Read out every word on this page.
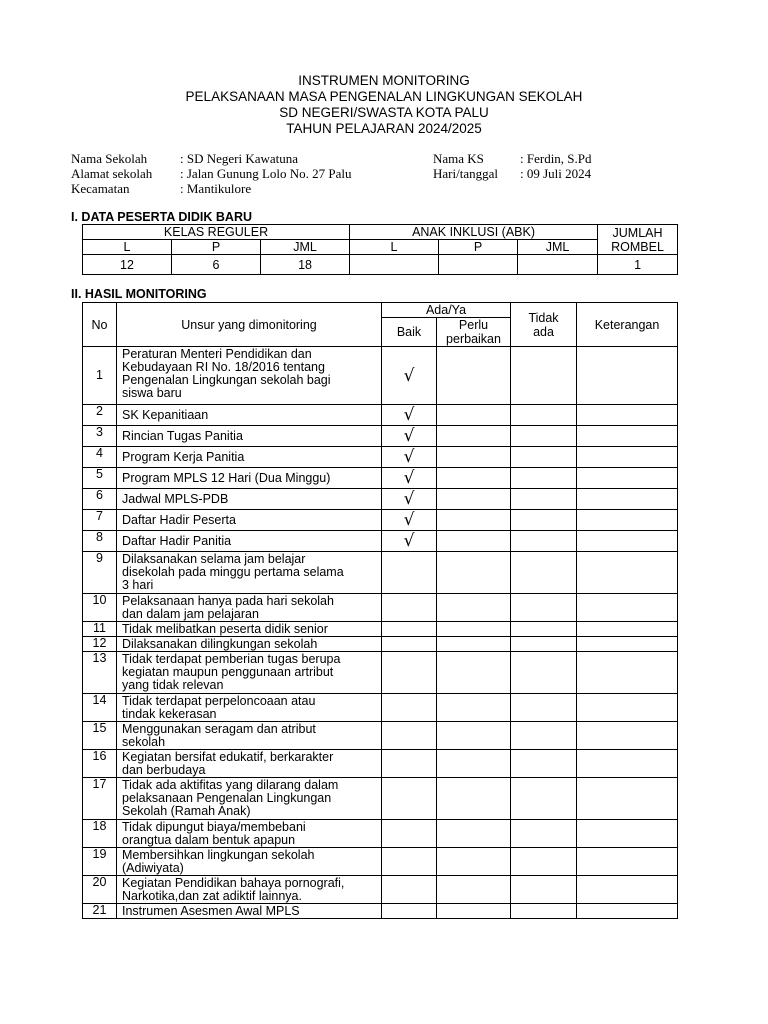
INSTRUMEN MONITORING
PELAKSANAAN MASA PENGENALAN LINGKUNGAN SEKOLAH
SD NEGERI/SWASTA KOTA PALU
TAHUN PELAJARAN 2024/2025
Nama Sekolah	: SD Negeri Kawatuna
Alamat sekolah : Jalan Gunung Lolo No. 27 Palu
Kecamatan	: Mantikulore
Nama KS	: Ferdin, S.Pd
Hari/tanggal : 09 Juli 2024
I. DATA PESERTA DIDIK BARU
KELAS REGULER			ANAK INKLUSI (ABK)			JUMLAH
ROMBEL

L	P	JML	L	P	JML	
12	6	18				1
II. HASIL MONITORING
No	Unsur yang dimonitoring	Ada/Ya		Tidak
ada	Keterangan
		Baik	Perlu
perbaikan		

1	Peraturan Menteri Pendidikan dan
Kebudayaan RI No. 18/2016 tentang
Pengenalan Lingkungan sekolah bagi
siswa baru	√			

2	SK Kepanitiaan	√			

3	Rincian Tugas Panitia	√			

4	Program Kerja Panitia	√			

5	Program MPLS 12 Hari (Dua Minggu)	√			

6	Jadwal MPLS-PDB	√			

7	Daftar Hadir Peserta	√			

8	Daftar Hadir Panitia	√			

9	Dilaksanakan selama jam belajar
disekolah pada minggu pertama selama
3 hari				

10	Pelaksanaan hanya pada hari sekolah
dan dalam jam pelajaran				

11	Tidak melibatkan peserta didik senior				

12	Dilaksanakan dilingkungan sekolah				

13	Tidak terdapat pemberian tugas berupa
kegiatan maupun penggunaan artribut
yang tidak relevan				

14	Tidak terdapat perpeloncoaan atau
tindak kekerasan				

15	Menggunakan seragam dan atribut
sekolah				

16	Kegiatan bersifat edukatif, berkarakter
dan berbudaya				

17	Tidak ada aktifitas yang dilarang dalam
pelaksanaan Pengenalan Lingkungan
Sekolah (Ramah Anak)				

18	Tidak dipungut biaya/membebani
orangtua dalam bentuk apapun				

19	Membersihkan lingkungan sekolah
(Adiwiyata)				

20	Kegiatan Pendidikan bahaya pornografi,
Narkotika,dan zat adiktif lainnya.				

21	Instrumen Asesmen Awal MPLS				
